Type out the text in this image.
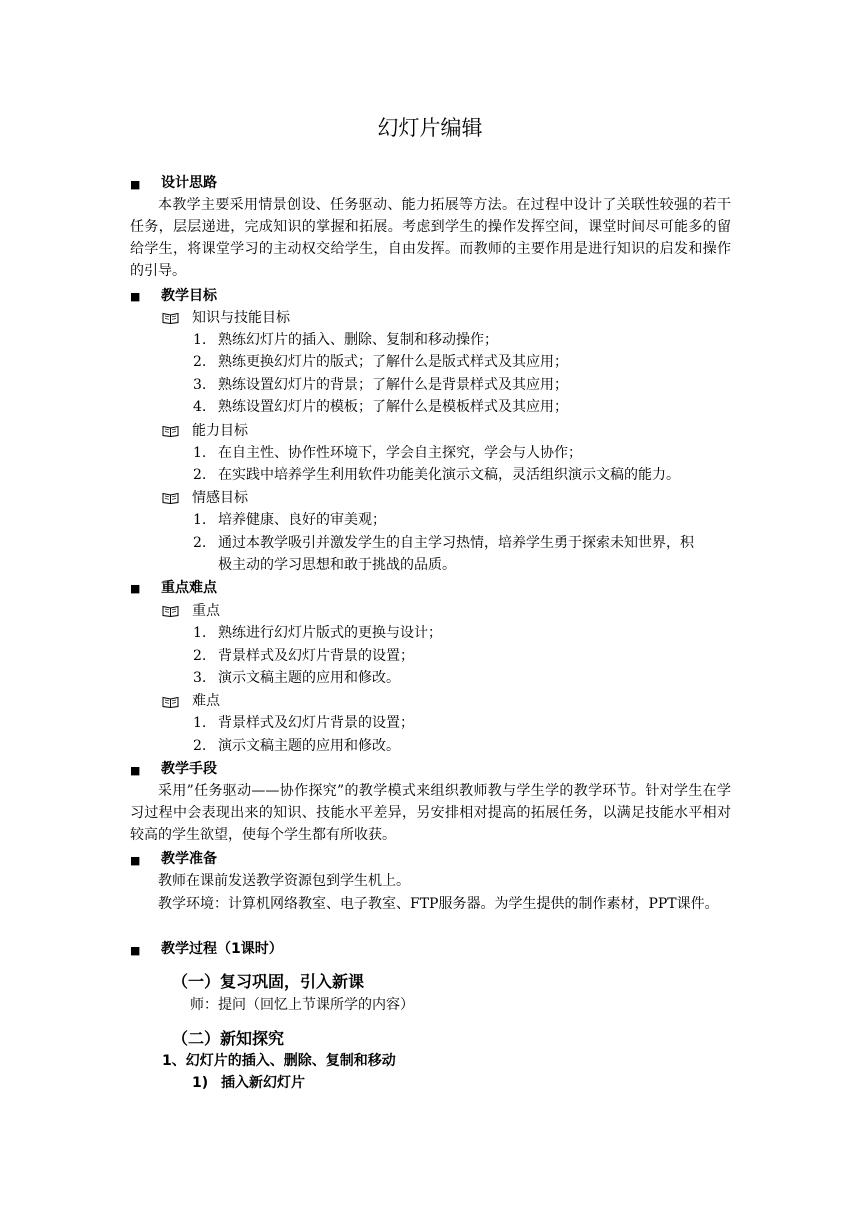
幻灯片编辑
■ 设计思路
本教学主要采用情景创设、任务驱动、能力拓展等方法。在过程中设计了关联性较强的若干任务，层层递进，完成知识的掌握和拓展。考虑到学生的操作发挥空间，课堂时间尽可能多的留给学生，将课堂学习的主动权交给学生，自由发挥。而教师的主要作用是进行知识的启发和操作的引导。
■ 教学目标
知识与技能目标
1. 熟练幻灯片的插入、删除、复制和移动操作；
2. 熟练更换幻灯片的版式；了解什么是版式样式及其应用；
3. 熟练设置幻灯片的背景；了解什么是背景样式及其应用；
4. 熟练设置幻灯片的模板；了解什么是模板样式及其应用；
能力目标
1. 在自主性、协作性环境下，学会自主探究，学会与人协作；
2. 在实践中培养学生利用软件功能美化演示文稿，灵活组织演示文稿的能力。
情感目标
1. 培养健康、良好的审美观；
2. 通过本教学吸引并激发学生的自主学习热情，培养学生勇于探索未知世界，积
极主动的学习思想和敢于挑战的品质。
■ 重点难点
重点
1. 熟练进行幻灯片版式的更换与设计；
2. 背景样式及幻灯片背景的设置；
3. 演示文稿主题的应用和修改。
难点
1. 背景样式及幻灯片背景的设置；
2. 演示文稿主题的应用和修改。
■ 教学手段
采用”任务驱动——协作探究”的教学模式来组织教师教与学生学的教学环节。针对学生在学习过程中会表现出来的知识、技能水平差异，另安排相对提高的拓展任务，以满足技能水平相对较高的学生欲望，使每个学生都有所收获。
■ 教学准备
教师在课前发送教学资源包到学生机上。
教学环境：计算机网络教室、电子教室、FTP服务器。为学生提供的制作素材，PPT课件。
■ 教学过程（1课时）
（一）复习巩固，引入新课
师：提问（回忆上节课所学的内容）
（二）新知探究
1、幻灯片的插入、删除、复制和移动
1) 插入新幻灯片
